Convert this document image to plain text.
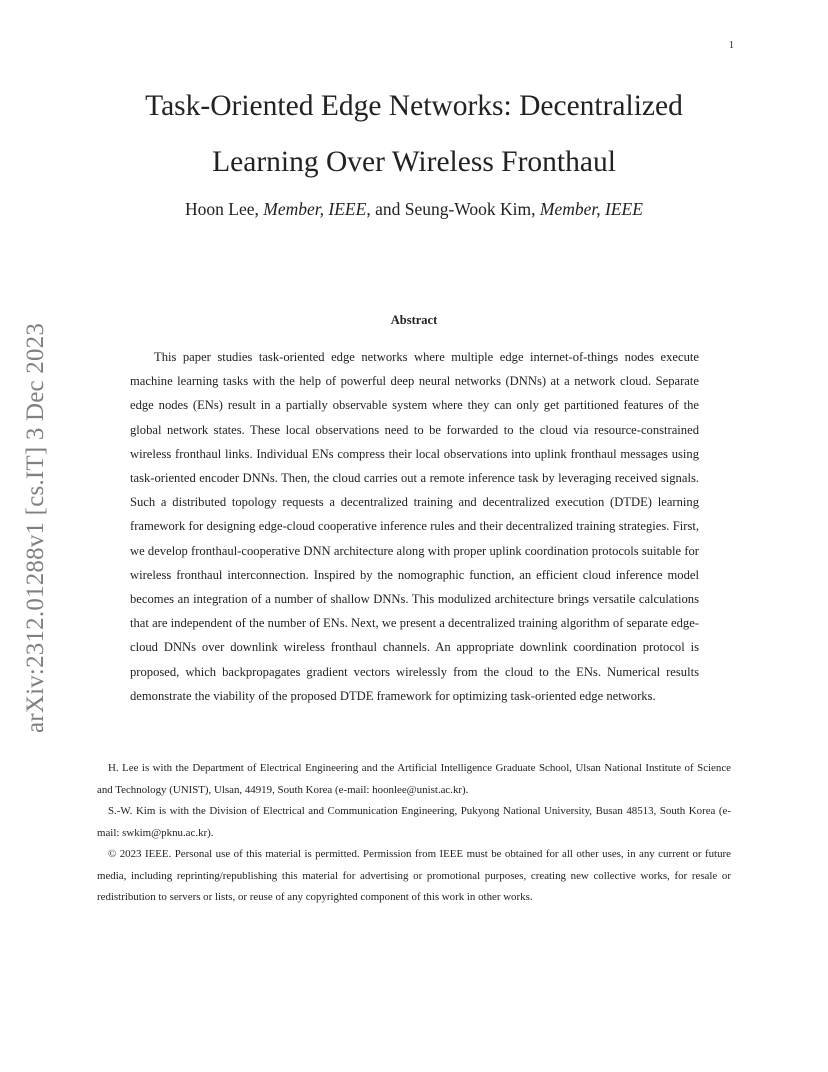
1
arXiv:2312.01288v1 [cs.IT] 3 Dec 2023
Task-Oriented Edge Networks: Decentralized
Learning Over Wireless Fronthaul
Hoon Lee, Member, IEEE, and Seung-Wook Kim, Member, IEEE
Abstract

This paper studies task-oriented edge networks where multiple edge internet-of-things nodes execute machine learning tasks with the help of powerful deep neural networks (DNNs) at a network cloud. Separate edge nodes (ENs) result in a partially observable system where they can only get partitioned features of the global network states. These local observations need to be forwarded to the cloud via resource-constrained wireless fronthaul links. Individual ENs compress their local observations into uplink fronthaul messages using task-oriented encoder DNNs. Then, the cloud carries out a remote inference task by leveraging received signals. Such a distributed topology requests a decentralized training and decentralized execution (DTDE) learning framework for designing edge-cloud cooperative inference rules and their decentralized training strategies. First, we develop fronthaul-cooperative DNN architecture along with proper uplink coordination protocols suitable for wireless fronthaul interconnection. Inspired by the nomographic function, an efficient cloud inference model becomes an integration of a number of shallow DNNs. This modulized architecture brings versatile calculations that are independent of the number of ENs. Next, we present a decentralized training algorithm of separate edge-cloud DNNs over downlink wireless fronthaul channels. An appropriate downlink coordination protocol is proposed, which backpropagates gradient vectors wirelessly from the cloud to the ENs. Numerical results demonstrate the viability of the proposed DTDE framework for optimizing task-oriented edge networks.

H. Lee is with the Department of Electrical Engineering and the Artificial Intelligence Graduate School, Ulsan National Institute of Science and Technology (UNIST), Ulsan, 44919, South Korea (e-mail: hoonlee@unist.ac.kr).

S.-W. Kim is with the Division of Electrical and Communication Engineering, Pukyong National University, Busan 48513, South Korea (e-mail: swkim@pknu.ac.kr).

© 2023 IEEE. Personal use of this material is permitted. Permission from IEEE must be obtained for all other uses, in any current or future media, including reprinting/republishing this material for advertising or promotional purposes, creating new collective works, for resale or redistribution to servers or lists, or reuse of any copyrighted component of this work in other works.
